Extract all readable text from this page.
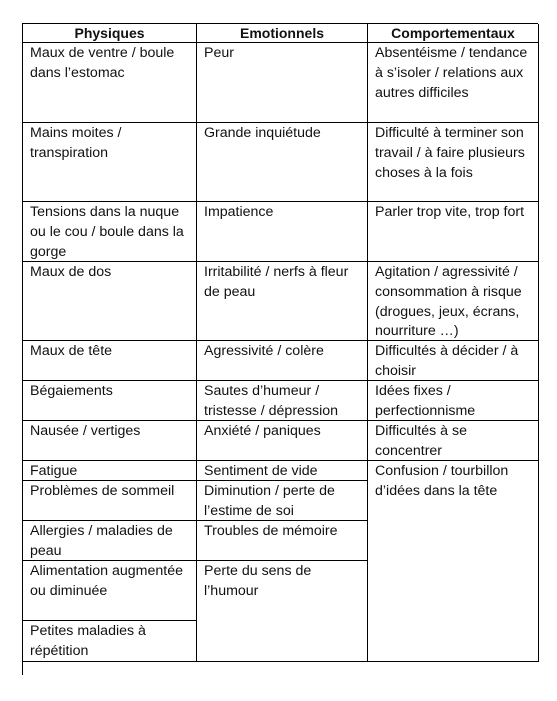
Physiques	Emotionnels	Comportementaux
Maux de ventre / boule dans l’estomac
Mains moites / transpiration
Tensions dans la nuque ou le cou / boule dans la gorge
Maux de dos
Maux de tête
Bégaiements
Nausée / vertiges
Fatigue
Problèmes de sommeil
Allergies / maladies de peau
Alimentation augmentée ou diminuée
Petites maladies à répétition
Peur
Grande inquiétude
Impatience
Irritabilité / nerfs à fleur de peau
Agressivité / colère
Sautes d’humeur / tristesse / dépression
Anxiété / paniques
Sentiment de vide
Diminution / perte de l’estime de soi
Troubles de mémoire
Perte du sens de l’humour
Absentéisme / tendance à s’isoler / relations aux autres difficiles
Difficulté à terminer son travail / à faire plusieurs choses à la fois
Parler trop vite, trop fort
Agitation / agressivité / consommation à risque (drogues, jeux, écrans, nourriture …)
Difficultés à décider / à choisir
Idées fixes / perfectionnisme
Difficultés à se concentrer
Confusion / tourbillon d’idées dans la tête
